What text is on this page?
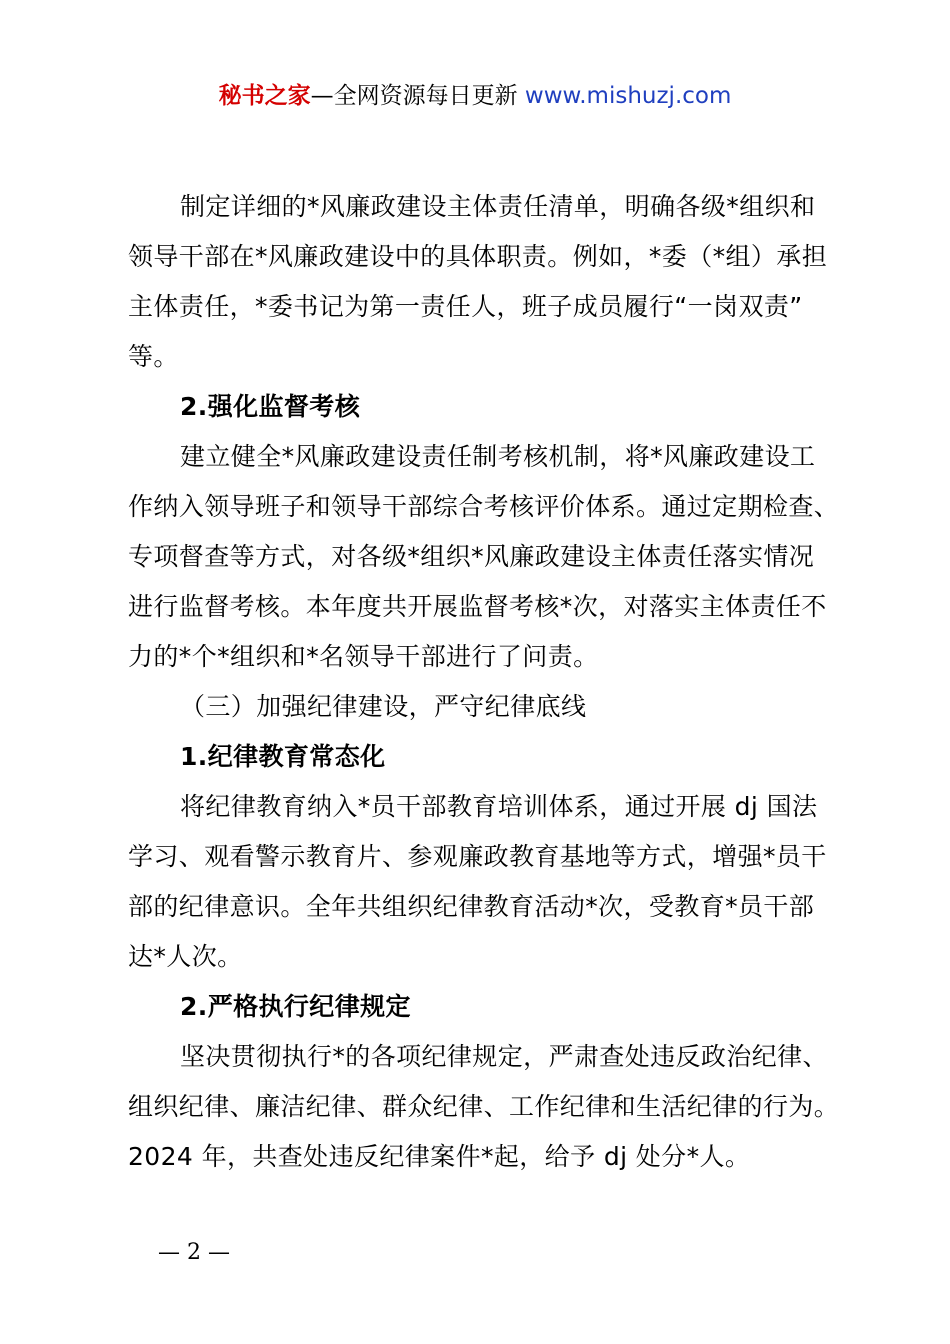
秘书之家—全网资源每日更新 www.mishuzj.com
制定详细的*风廉政建设主体责任清单，明确各级*组织和
领导干部在*风廉政建设中的具体职责。例如，*委（*组）承担
主体责任，*委书记为第一责任人，班子成员履行“一岗双责”
等。
2.强化监督考核
建立健全*风廉政建设责任制考核机制，将*风廉政建设工
作纳入领导班子和领导干部综合考核评价体系。通过定期检查、
专项督查等方式，对各级*组织*风廉政建设主体责任落实情况
进行监督考核。本年度共开展监督考核*次，对落实主体责任不
力的*个*组织和*名领导干部进行了问责。
（三）加强纪律建设，严守纪律底线
1.纪律教育常态化
将纪律教育纳入*员干部教育培训体系，通过开展 dj 国法
学习、观看警示教育片、参观廉政教育基地等方式，增强*员干
部的纪律意识。全年共组织纪律教育活动*次，受教育*员干部
达*人次。
2.严格执行纪律规定
坚决贯彻执行*的各项纪律规定，严肃查处违反政治纪律、
组织纪律、廉洁纪律、群众纪律、工作纪律和生活纪律的行为。
2024 年，共查处违反纪律案件*起，给予 dj 处分*人。
— 2 —
